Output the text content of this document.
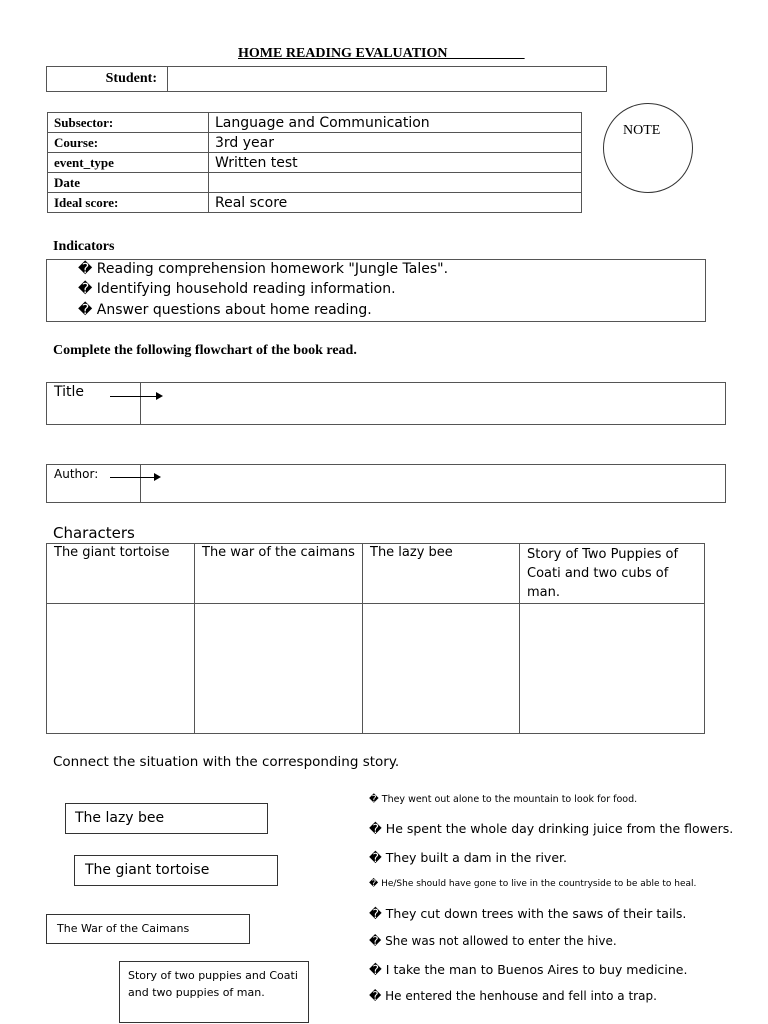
HOME READING EVALUATION___________
Student:	
Subsector:	Language and Communication
Course:	3rd year
event_type	Written test
Date	
Ideal score:	Real score
NOTE
Indicators
� Reading comprehension homework "Jungle Tales".
� Identifying household reading information.
� Answer questions about home reading.
Complete the following flowchart of the book read.
Title
Author:
Characters
The giant tortoise	The war of the caimans	The lazy bee	Story of Two Puppies of Coati and two cubs of man.

Connect the situation with the corresponding story.
The lazy bee
The giant tortoise
The War of the Caimans
Story of two puppies and Coati and two puppies of man.
� They went out alone to the mountain to look for food.
� He spent the whole day drinking juice from the flowers.
� They built a dam in the river.
� He/She should have gone to live in the countryside to be able to heal.
� They cut down trees with the saws of their tails.
� She was not allowed to enter the hive.
� I take the man to Buenos Aires to buy medicine.
� He entered the henhouse and fell into a trap.
